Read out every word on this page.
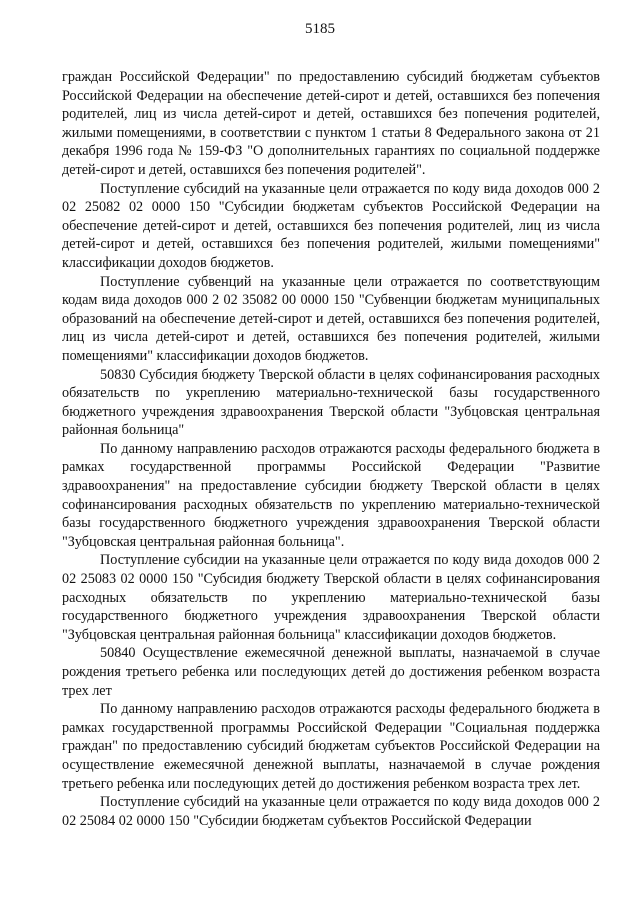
5185

граждан Российской Федерации" по предоставлению субсидий бюджетам субъектов Российской Федерации на обеспечение детей-сирот и детей, оставшихся без попечения родителей, лиц из числа детей-сирот и детей, оставшихся без попечения родителей, жилыми помещениями, в соответствии с пунктом 1 статьи 8 Федерального закона от 21 декабря 1996 года № 159-ФЗ "О дополнительных гарантиях по социальной поддержке детей-сирот и детей, оставшихся без попечения родителей".

Поступление субсидий на указанные цели отражается по коду вида доходов 000 2 02 25082 02 0000 150 "Субсидии бюджетам субъектов Российской Федерации на обеспечение детей-сирот и детей, оставшихся без попечения родителей, лиц из числа детей-сирот и детей, оставшихся без попечения родителей, жилыми помещениями" классификации доходов бюджетов.

Поступление субвенций на указанные цели отражается по соответствующим кодам вида доходов 000 2 02 35082 00 0000 150 "Субвенции бюджетам муниципальных образований на обеспечение детей-сирот и детей, оставшихся без попечения родителей, лиц из числа детей-сирот и детей, оставшихся без попечения родителей, жилыми помещениями" классификации доходов бюджетов.

50830 Субсидия бюджету Тверской области в целях софинансирования расходных обязательств по укреплению материально-технической базы государственного бюджетного учреждения здравоохранения Тверской области "Зубцовская центральная районная больница"

По данному направлению расходов отражаются расходы федерального бюджета в рамках государственной программы Российской Федерации "Развитие здравоохранения" на предоставление субсидии бюджету Тверской области в целях софинансирования расходных обязательств по укреплению материально-технической базы государственного бюджетного учреждения здравоохранения Тверской области "Зубцовская центральная районная больница".

Поступление субсидии на указанные цели отражается по коду вида доходов 000 2 02 25083 02 0000 150 "Субсидия бюджету Тверской области в целях софинансирования расходных обязательств по укреплению материально-технической базы государственного бюджетного учреждения здравоохранения Тверской области "Зубцовская центральная районная больница" классификации доходов бюджетов.

50840 Осуществление ежемесячной денежной выплаты, назначаемой в случае рождения третьего ребенка или последующих детей до достижения ребенком возраста трех лет

По данному направлению расходов отражаются расходы федерального бюджета в рамках государственной программы Российской Федерации "Социальная поддержка граждан" по предоставлению субсидий бюджетам субъектов Российской Федерации на осуществление ежемесячной денежной выплаты, назначаемой в случае рождения третьего ребенка или последующих детей до достижения ребенком возраста трех лет.

Поступление субсидий на указанные цели отражается по коду вида доходов 000 2 02 25084 02 0000 150 "Субсидии бюджетам субъектов Российской Федерации
